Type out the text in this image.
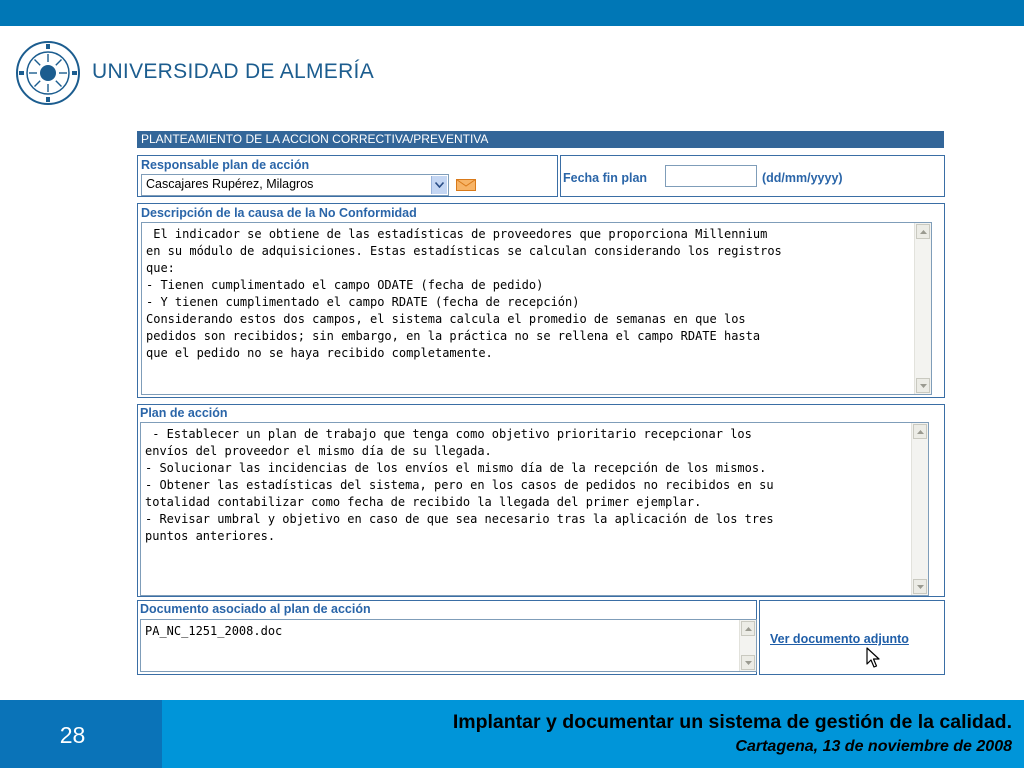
UNIVERSIDAD DE ALMERÍA
PLANTEAMIENTO DE LA ACCION CORRECTIVA/PREVENTIVA
Responsable plan de acción
Cascajares Rupérez, Milagros	Fecha fin plan	(dd/mm/yyyy)
Descripción de la causa de la No Conformidad
El indicador se obtiene de las estadísticas de proveedores que proporciona Millennium
en su módulo de adquisiciones. Estas estadísticas se calculan considerando los registros
que:
- Tienen cumplimentado el campo ODATE (fecha de pedido)
- Y tienen cumplimentado el campo RDATE (fecha de recepción)
Considerando estos dos campos, el sistema calcula el promedio de semanas en que los
pedidos son recibidos; sin embargo, en la práctica no se rellena el campo RDATE hasta
que el pedido no se haya recibido completamente.
Plan de acción
- Establecer un plan de trabajo que tenga como objetivo prioritario recepcionar los
envíos del proveedor el mismo día de su llegada.
- Solucionar las incidencias de los envíos el mismo día de la recepción de los mismos.
- Obtener las estadísticas del sistema, pero en los casos de pedidos no recibidos en su
totalidad contabilizar como fecha de recibido la llegada del primer ejemplar.
- Revisar umbral y objetivo en caso de que sea necesario tras la aplicación de los tres
puntos anteriores.
Documento asociado al plan de acción
PA_NC_1251_2008.doc
Ver documento adjunto
28	Implantar y documentar un sistema de gestión de la calidad.
Cartagena, 13 de noviembre de 2008
